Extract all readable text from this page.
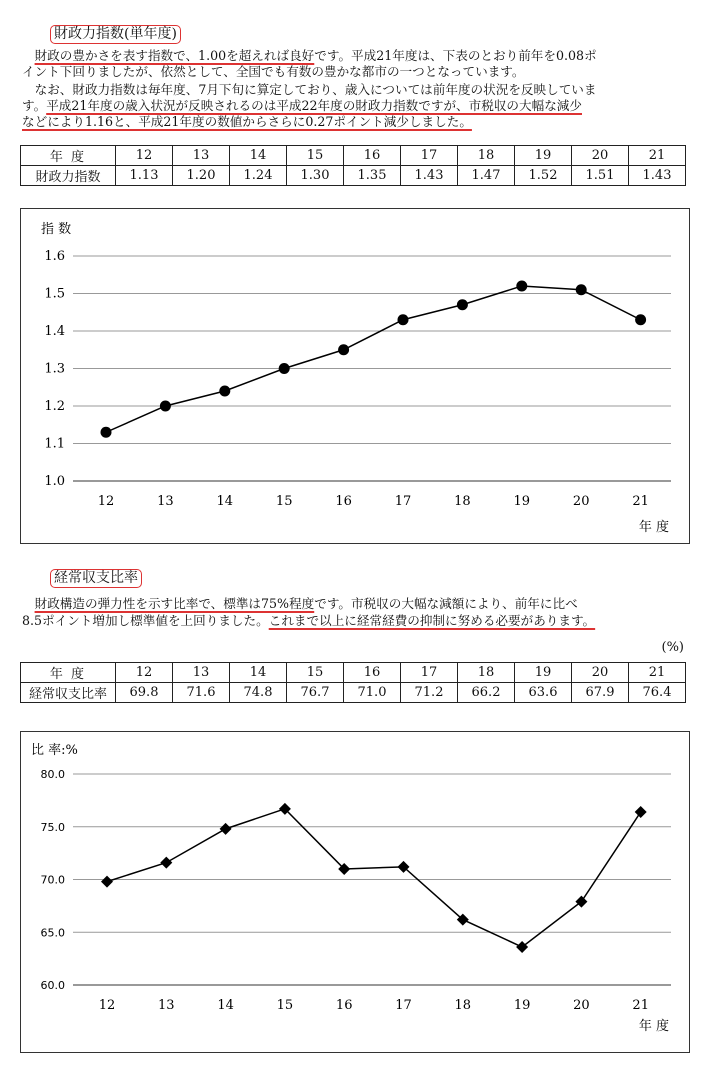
財政力指数(単年度)

　財政の豊かさを表す指数で、1.00を超えれば良好です。平成21年度は、下表のとおり前年を0.08ポ

イント下回りましたが、依然として、全国でも有数の豊かな都市の一つとなっています。

　なお、財政力指数は毎年度、7月下旬に算定しており、歳入については前年度の状況を反映していま

す。平成21年度の歳入状況が反映されるのは平成22年度の財政力指数ですが、市税収の大幅な減少

などにより1.16と、平成21年度の数値からさらに0.27ポイント減少しました。

年 度	12	13	14	15	16	17	18	19	20	21
財政力指数	1.13	1.20	1.24	1.30	1.35	1.43	1.47	1.52	1.51	1.43
指 数
1.0
1.1
1.2
1.3
1.4
1.5
1.6
12	13	14	15	16	17	18	19	20	21
年 度
経常収支比率

　財政構造の弾力性を示す比率で、標準は75%程度です。市税収の大幅な減額により、前年に比べ

8.5ポイント増加し標準値を上回りました。これまで以上に経常経費の抑制に努める必要があります。

(%)
年 度	12	13	14	15	16	17	18	19	20	21
経常収支比率	69.8	71.6	74.8	76.7	71.0	71.2	66.2	63.6	67.9	76.4
比 率:%
60.0
65.0
70.0
75.0
80.0
12	13	14	15	16	17	18	19	20	21
年 度
